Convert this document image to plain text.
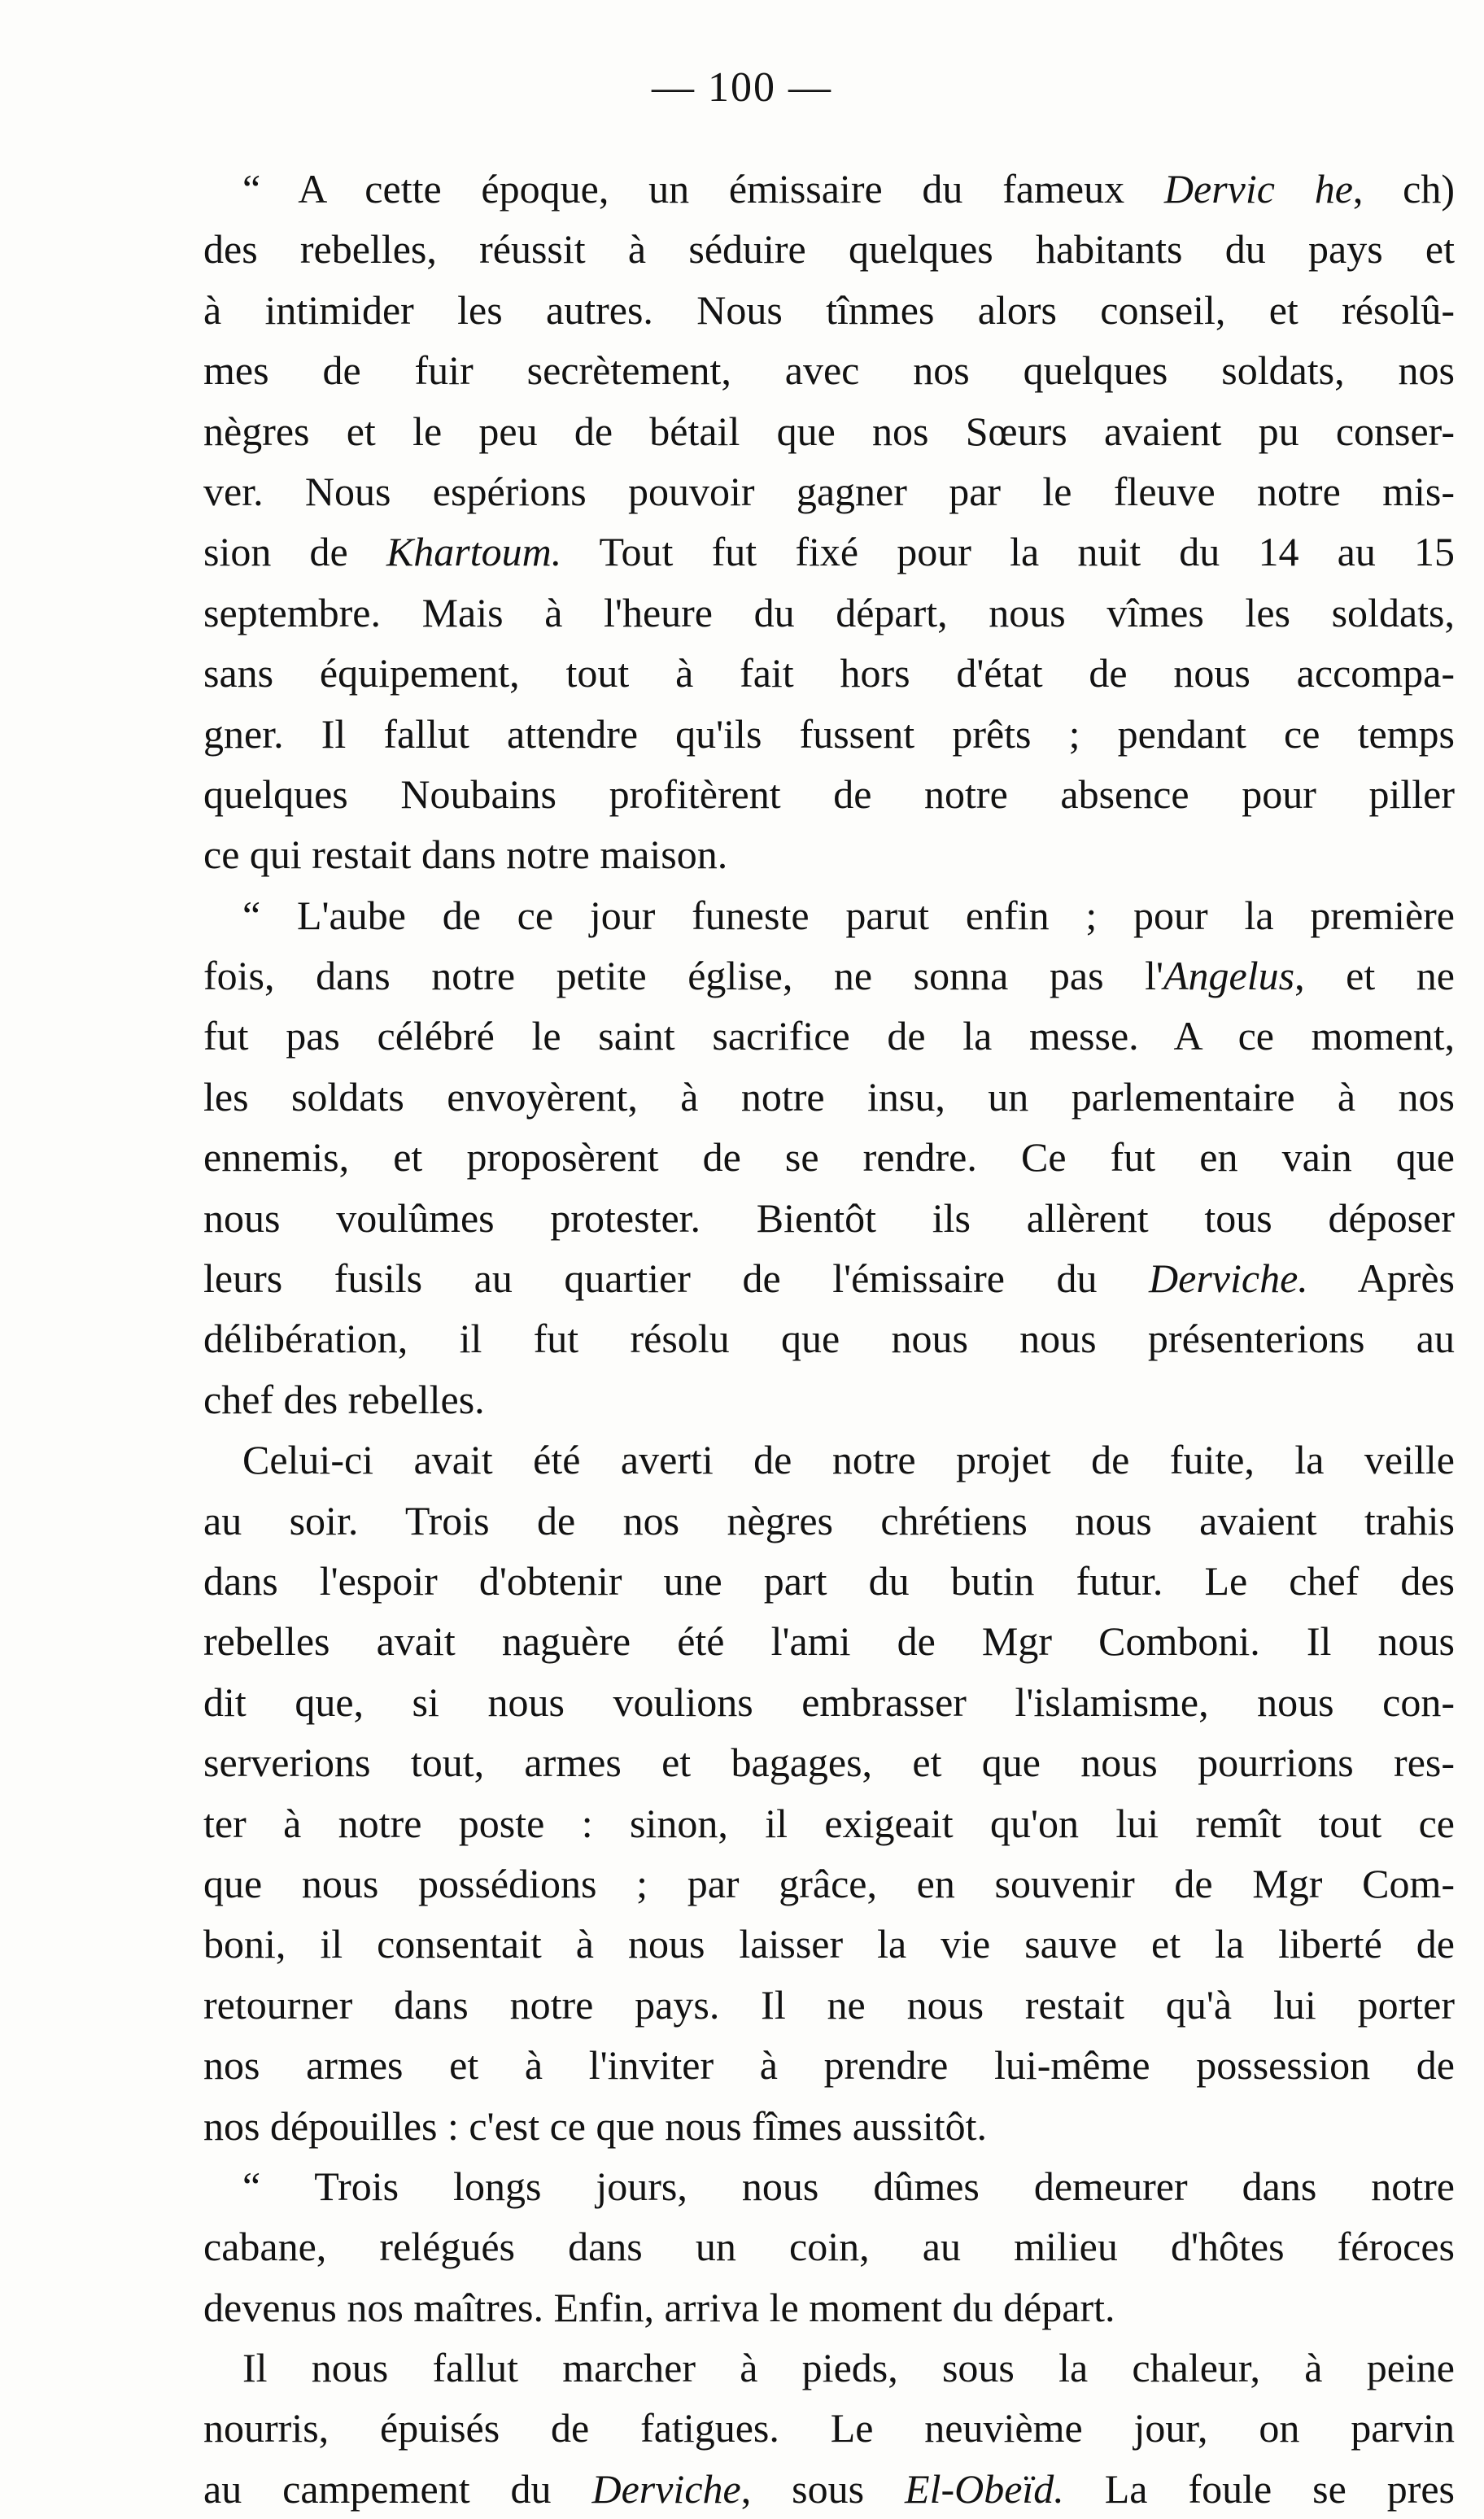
— 100 —
“ A cette époque, un émissaire du fameux Dervic he, ch)
des rebelles, réussit à séduire quelques habitants du pays et
à intimider les autres. Nous tînmes alors conseil, et résolû-
mes de fuir secrètement, avec nos quelques soldats, nos
nègres et le peu de bétail que nos Sœurs avaient pu conser-
ver. Nous espérions pouvoir gagner par le fleuve notre mis-
sion de Khartoum. Tout fut fixé pour la nuit du 14 au 15
septembre. Mais à l'heure du départ, nous vîmes les soldats,
sans équipement, tout à fait hors d'état de nous accompa-
gner. Il fallut attendre qu'ils fussent prêts ; pendant ce temps
quelques Noubains profitèrent de notre absence pour piller
ce qui restait dans notre maison.
“ L'aube de ce jour funeste parut enfin ; pour la première
fois, dans notre petite église, ne sonna pas l'Angelus, et ne
fut pas célébré le saint sacrifice de la messe. A ce moment,
les soldats envoyèrent, à notre insu, un parlementaire à nos
ennemis, et proposèrent de se rendre. Ce fut en vain que
nous voulûmes protester. Bientôt ils allèrent tous déposer
leurs fusils au quartier de l'émissaire du Derviche. Après
délibération, il fut résolu que nous nous présenterions au
chef des rebelles.
Celui-ci avait été averti de notre projet de fuite, la veille
au soir. Trois de nos nègres chrétiens nous avaient trahis
dans l'espoir d'obtenir une part du butin futur. Le chef des
rebelles avait naguère été l'ami de Mgr Comboni. Il nous
dit que, si nous voulions embrasser l'islamisme, nous con-
serverions tout, armes et bagages, et que nous pourrions res-
ter à notre poste : sinon, il exigeait qu'on lui remît tout ce
que nous possédions ; par grâce, en souvenir de Mgr Com-
boni, il consentait à nous laisser la vie sauve et la liberté de
retourner dans notre pays. Il ne nous restait qu'à lui porter
nos armes et à l'inviter à prendre lui-même possession de
nos dépouilles : c'est ce que nous fîmes aussitôt.
“ Trois longs jours, nous dûmes demeurer dans notre
cabane, relégués dans un coin, au milieu d'hôtes féroces
devenus nos maîtres. Enfin, arriva le moment du départ.
Il nous fallut marcher à pieds, sous la chaleur, à peine
nourris, épuisés de fatigues. Le neuvième jour, on parvin
au campement du Derviche, sous El-Obeïd. La foule se pres
